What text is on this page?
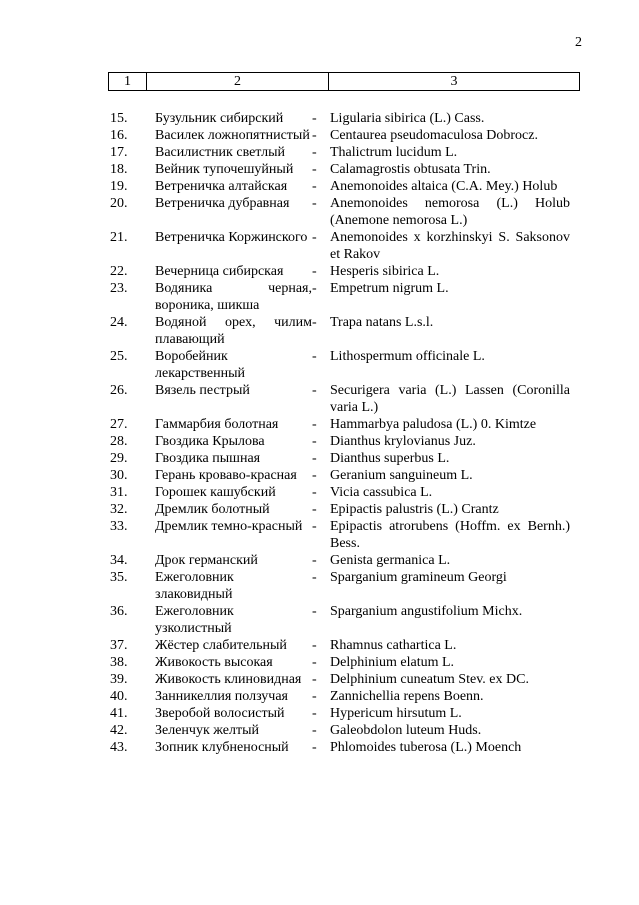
2
1	2	3
15.	Бузульник сибирский	- Ligularia sibirica (L.) Cass.
16.	Василек ложнопятнистый - Centaurea pseudomaculosa Dobrocz.
17.	Василистник светлый	- Thalictrum lucidum L.
18.	Вейник тупочешуйный	- Calamagrostis obtusata Trin.
19.	Ветреничка алтайская	- Anemonoides altaica (C.A. Mey.) Holub
20.	Ветреничка дубравная	- Anemonoides nemorosa (L.) Holub (Anemone nemorosa L.)
21.	Ветреничка Коржинского - Anemonoides x korzhinskyi S. Saksonov et Rakov
22.	Вечерница сибирская	- Hesperis sibirica L.
23.	Водяника черная, вороника, шикша
- Empetrum nigrum L.
24.	Водяной орех, чилим плавающий
- Trapa natans L.s.l.
25.	Воробейник лекарственный
- Lithospermum officinale L.
26.	Вязель пестрый	- Securigera varia (L.) Lassen (Coronilla varia L.)
27.	Гаммарбия болотная	- Hammarbya paludosa (L.) 0. Kimtze
28.	Гвоздика Крылова	- Dianthus krylovianus Juz.
29.	Гвоздика пышная	- Dianthus superbus L.
30.	Герань кроваво-красная	- Geranium sanguineum L.
31.	Горошек кашубский	- Vicia cassubica L.
32.	Дремлик болотный	- Epipactis palustris (L.) Crantz
33.	Дремлик темно-красный - Epipactis atrorubens (Hoffm. ex Bernh.) Bess.
34.	Дрок германский	- Genista germanica L.
35.	Ежеголовник злаковидный
- Sparganium gramineum Georgi
36.	Ежеголовник узколистный
- Sparganium angustifolium Michx.
37.	Жёстер слабительный	- Rhamnus cathartica L.
38.	Живокость высокая	- Delphinium elatum L.
39.	Живокость клиновидная - Delphinium cuneatum Stev. ex DC.
40.	Занникеллия ползучая	- Zannichellia repens Boenn.
41.	Зверобой волосистый	- Hypericum hirsutum L.
42.	Зеленчук желтый	- Galeobdolon luteum Huds.
43.	Зопник клубненосный	- Phlomoides tuberosa (L.) Moench
